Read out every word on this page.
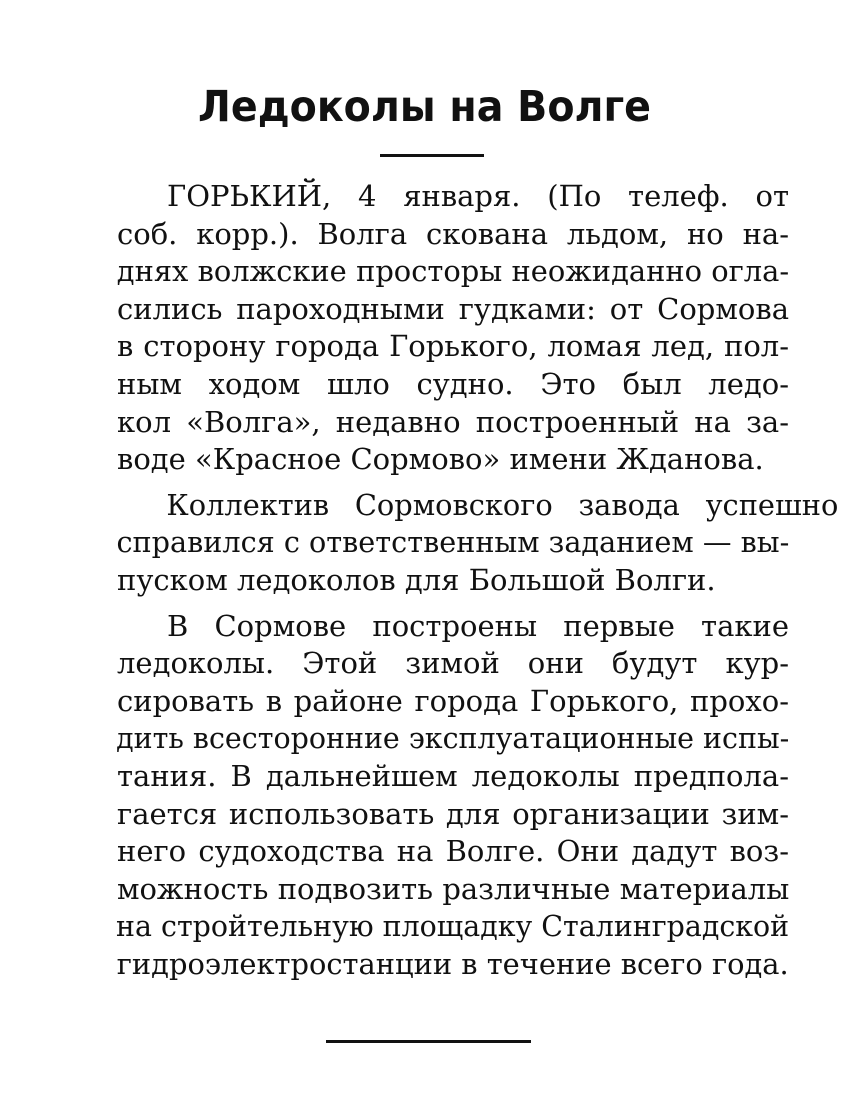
Ледоколы на Волге

ГОРЬКИЙ, 4 января. (По телеф. от
соб. корр.). Волга скована льдом, но на-
днях волжские просторы неожиданно огла-
сились пароходными гудками: от Сормова
в сторону города Горького, ломая лед, пол-
ным ходом шло судно. Это был ледо-
кол «Волга», недавно построенный на за-
воде «Красное Сормово» имени Жданова.

Коллектив Сормовского завода успешно
справился с ответственным заданием — вы-
пуском ледоколов для Большой Волги.

В Сормове построены первые такие
ледоколы. Этой зимой они будут кур-
сировать в районе города Горького, прохо-
дить всесторонние эксплуатационные испы-
тания. В дальнейшем ледоколы предпола-
гается использовать для организации зим-
него судоходства на Волге. Они дадут воз-
можность подвозить различные материалы
на стройтельную площадку Сталинградской
гидроэлектростанции в течение всего года.
